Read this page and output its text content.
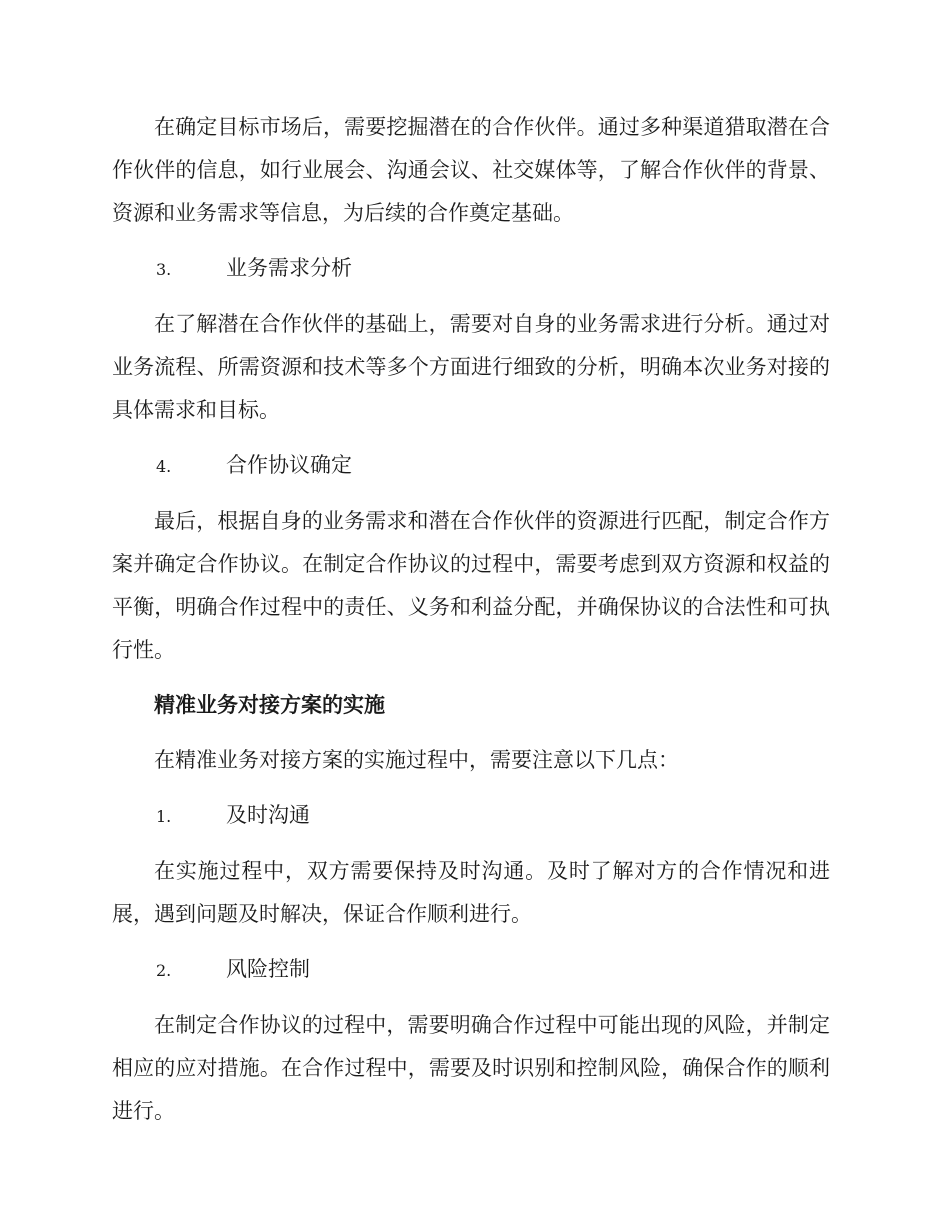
在确定目标市场后，需要挖掘潜在的合作伙伴。通过多种渠道猎取潜在合作伙伴的信息，如行业展会、沟通会议、社交媒体等，了解合作伙伴的背景、资源和业务需求等信息，为后续的合作奠定基础。

3.	业务需求分析

在了解潜在合作伙伴的基础上，需要对自身的业务需求进行分析。通过对业务流程、所需资源和技术等多个方面进行细致的分析，明确本次业务对接的具体需求和目标。

4.	合作协议确定

最后，根据自身的业务需求和潜在合作伙伴的资源进行匹配，制定合作方案并确定合作协议。在制定合作协议的过程中，需要考虑到双方资源和权益的平衡，明确合作过程中的责任、义务和利益分配，并确保协议的合法性和可执行性。

精准业务对接方案的实施

在精准业务对接方案的实施过程中，需要注意以下几点：

1.	及时沟通

在实施过程中，双方需要保持及时沟通。及时了解对方的合作情况和进展，遇到问题及时解决，保证合作顺利进行。

2.	风险控制

在制定合作协议的过程中，需要明确合作过程中可能出现的风险，并制定相应的应对措施。在合作过程中，需要及时识别和控制风险，确保合作的顺利进行。
